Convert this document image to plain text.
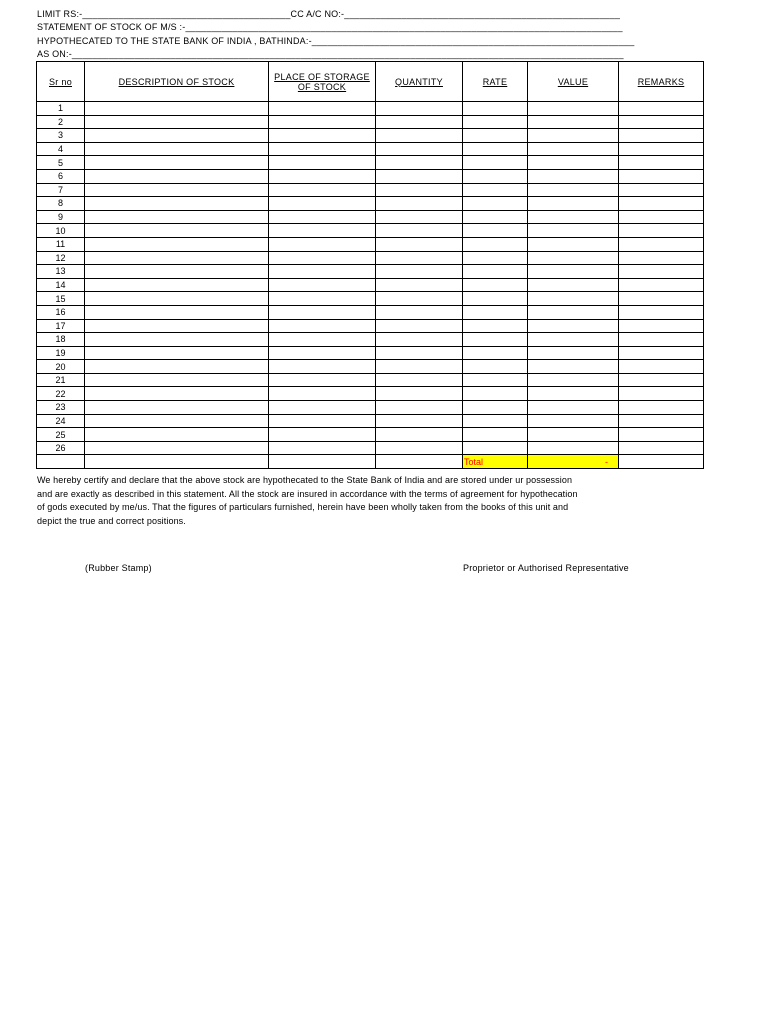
LIMIT RS:-________________________________________CC A/C NO:-_____________________________________________________
STATEMENT OF STOCK OF M/S :-____________________________________________________________________________________
HYPOTHECATED TO THE STATE BANK OF INDIA , BATHINDA:-______________________________________________________________
AS ON:-__________________________________________________________________________________________________________
Sr no	DESCRIPTION OF STOCK	PLACE OF STORAGE
OF STOCK	QUANTITY	RATE	VALUE	REMARKS
1						
2						
3						
4						
5						
6						
7						
8						
9						
10						
11						
12						
13						
14						
15						
16						
17						
18						
19						
20						
21						
22						
23						
24						
25						
26						
				Total	-	
We hereby certify and declare that the above stock are hypothecated to the State Bank of India and are stored under ur possession
and are exactly as described in this statement. All the stock are insured in accordance with the terms of agreement for hypothecation
of gods executed by me/us. That the figures of particulars furnished, herein have been wholly taken from the books of this unit and
depict the true and correct positions.
(Rubber Stamp)	Proprietor or Authorised Representative
